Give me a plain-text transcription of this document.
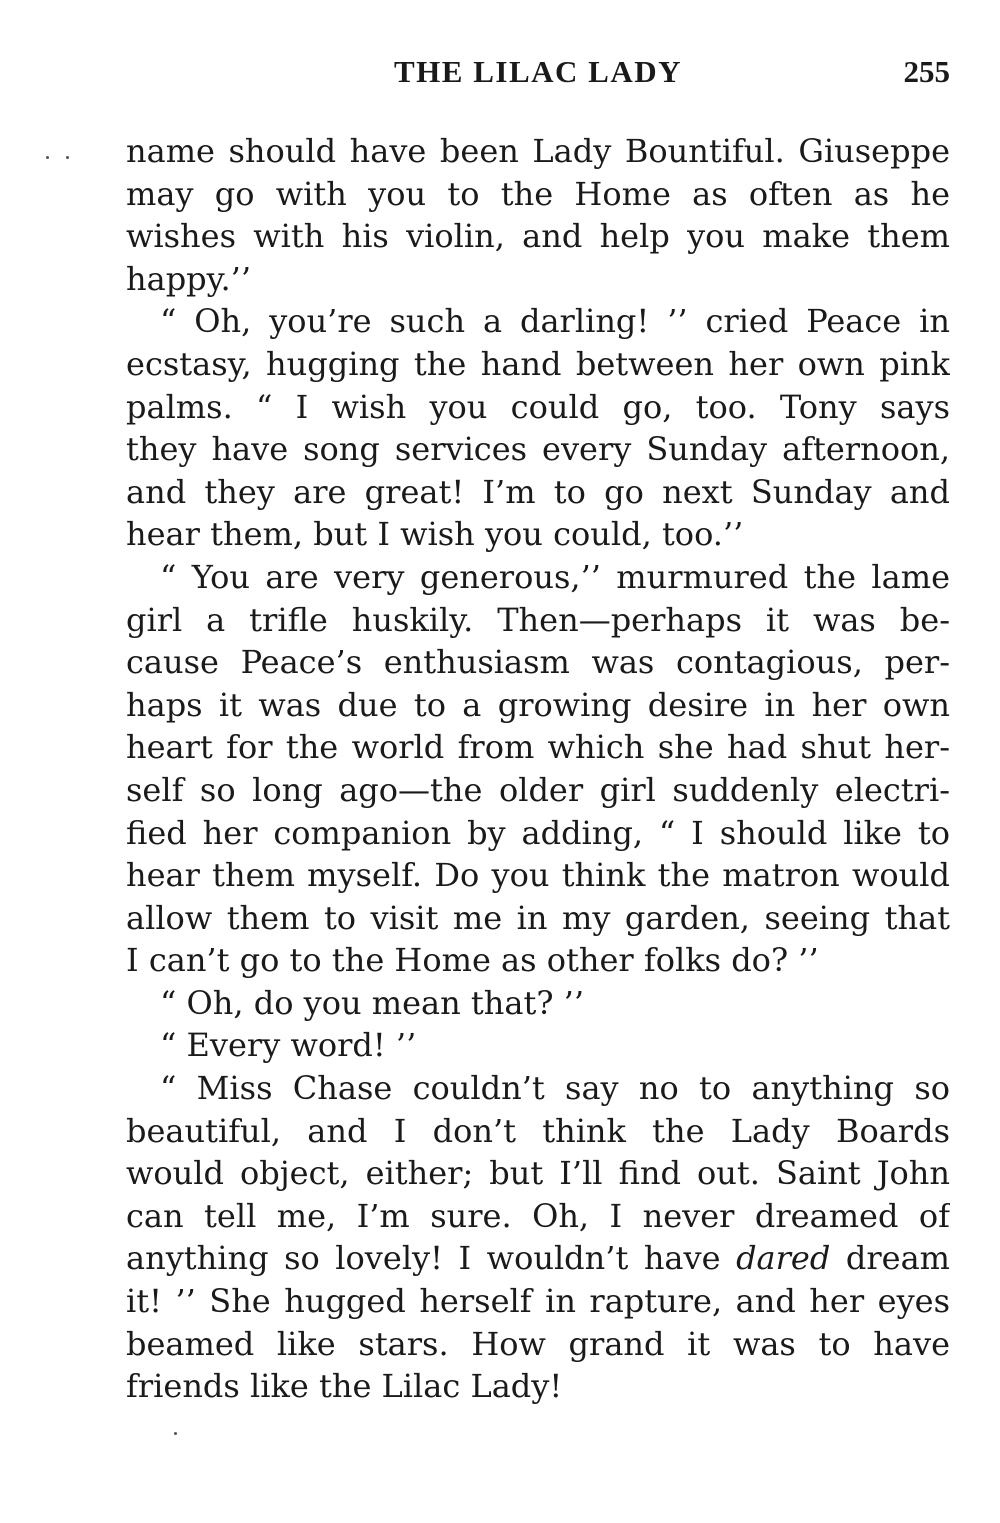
THE LILAC LADY	255
name should have been Lady Bountiful. Giuseppe
may go with you to the Home as often as he
wishes with his violin, and help you make them
happy.’’
“ Oh, you’re such a darling! ’’ cried Peace in
ecstasy, hugging the hand between her own pink
palms. “ I wish you could go, too. Tony says
they have song services every Sunday afternoon,
and they are great! I’m to go next Sunday and
hear them, but I wish you could, too.’’
“ You are very generous,’’ murmured the lame
girl a trifle huskily. Then—perhaps it was be-
cause Peace’s enthusiasm was contagious, per-
haps it was due to a growing desire in her own
heart for the world from which she had shut her-
self so long ago—the older girl suddenly electri-
fied her companion by adding, “ I should like to
hear them myself. Do you think the matron would
allow them to visit me in my garden, seeing that
I can’t go to the Home as other folks do? ’’
“ Oh, do you mean that? ’’
“ Every word! ’’
“ Miss Chase couldn’t say no to anything so
beautiful, and I don’t think the Lady Boards
would object, either; but I’ll find out. Saint John
can tell me, I’m sure. Oh, I never dreamed of
anything so lovely! I wouldn’t have dared dream
it! ’’ She hugged herself in rapture, and her eyes
beamed like stars. How grand it was to have
friends like the Lilac Lady!
